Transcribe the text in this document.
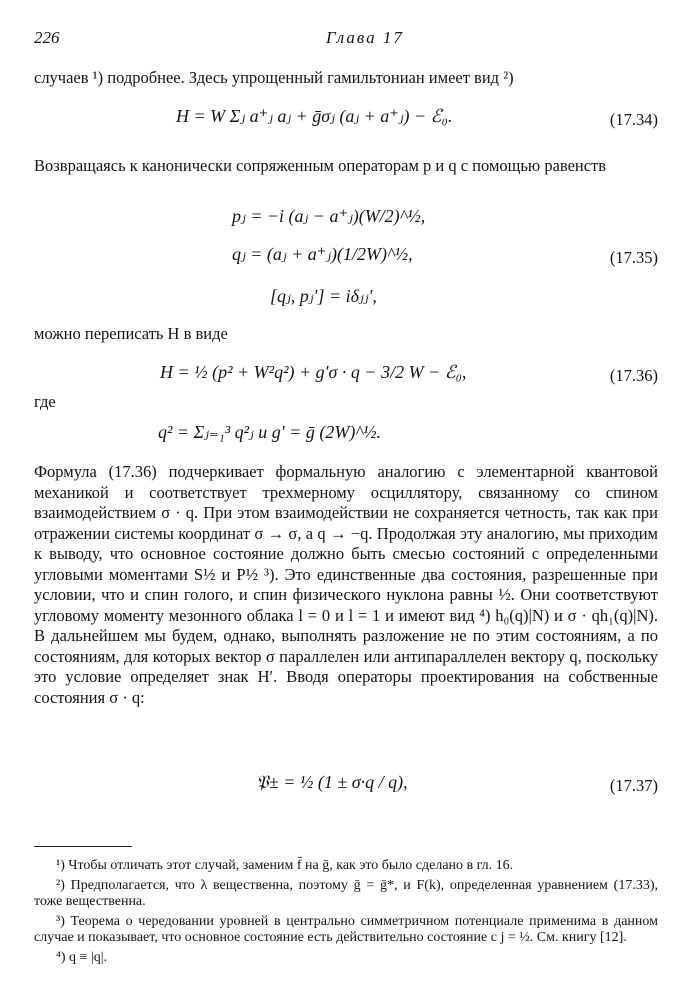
226	Глава 17

случаев ¹) подробнее. Здесь упрощенный гамильтониан имеет вид ²)

H = W Σⱼ a⁺ⱼ aⱼ + ḡσⱼ (aⱼ + a⁺ⱼ) − ℰ₀.	(17.34)

Возвращаясь к канонически сопряженным операторам p и q с помощью равенств

pⱼ = −i (aⱼ − a⁺ⱼ)(W/2)^½,
qⱼ = (aⱼ + a⁺ⱼ)(1/2W)^½,	(17.35)
[qⱼ, pⱼ′] = iδⱼⱼ′,

можно переписать H в виде

H = ½ (p² + W²q²) + g′σ · q − 3/2 W − ℰ₀,	(17.36)

где

q² = Σⱼ₌₁³ q²ⱼ и g′ = ḡ (2W)^½.

Формула (17.36) подчеркивает формальную аналогию с элементарной квантовой механикой и соответствует трехмерному осциллятору, связанному со спином взаимодействием σ · q. При этом взаимодействии не сохраняется четность, так как при отражении системы координат σ → σ, а q → −q. Продолжая эту аналогию, мы приходим к выводу, что основное состояние должно быть смесью состояний с определенными угловыми моментами S½ и P½ ³). Это единственные два состояния, разрешенные при условии, что и спин голого, и спин физического нуклона равны ½. Они соответствуют угловому моменту мезонного облака l = 0 и l = 1 и имеют вид ⁴) h₀(q)|N) и σ · qh₁(q)|N). В дальнейшем мы будем, однако, выполнять разложение не по этим состояниям, а по состояниям, для которых вектор σ параллелен или антипараллелен вектору q, поскольку это условие определяет знак H′. Вводя операторы проектирования на собственные состояния σ · q:

𝔓± = ½ (1 ± σ·q / q),	(17.37)

¹) Чтобы отличать этот случай, заменим f̄ на ḡ, как это было сделано в гл. 16.

²) Предполагается, что λ вещественна, поэтому ḡ = ḡ*, и F(k), определенная уравнением (17.33), тоже вещественна.

³) Теорема о чередовании уровней в центрально симметричном потенциале применима в данном случае и показывает, что основное состояние есть действительно состояние с j = ½. См. книгу [12].

⁴) q ≡ |q|.
